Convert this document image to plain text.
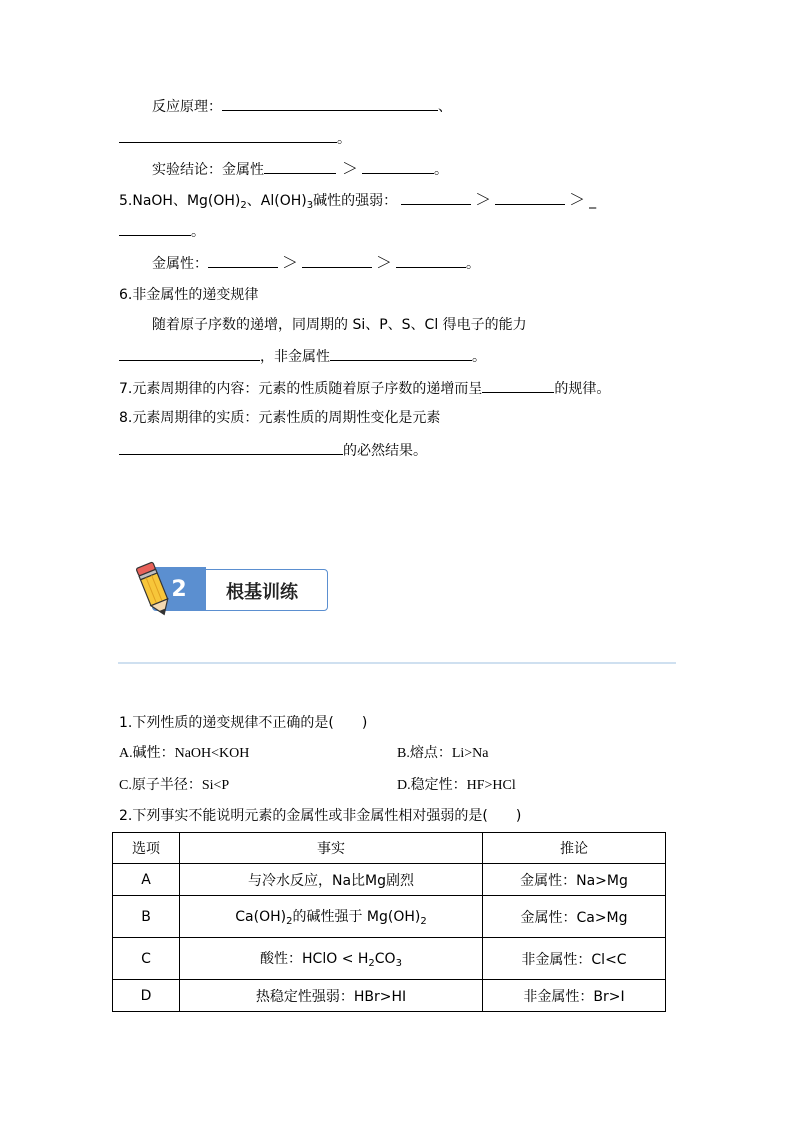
反应原理：	、
。
实验结论：金属性	＞	。
5.NaOH、$Mg(OH)_2$、$Al(OH)_3$碱性的强弱：	＞	＞ _
。
金属性：	＞	＞	。
6.非金属性的递变规律
随着原子序数的递增，同周期的 Si、P、S、Cl 得电子的能力
，非金属性	。
7.元素周期律的内容：元素的性质随着原子序数的递增而呈	的规律。
8.元素周期律的实质：元素性质的周期性变化是元素
的必然结果。
2	根基训练
1.下列性质的递变规律不正确的是(　　)
A.碱性：NaOH<KOH	B.熔点：Li>Na
C.原子半径：Si<P	D.稳定性：HF>HCl
2.下列事实不能说明元素的金属性或非金属性相对强弱的是(　　)
选项	事实	推论
A	与冷水反应，Na比Mg剧烈	金属性：Na>Mg
B	$Ca(OH)_2$的碱性强于 $Mg(OH)_2$	金属性：Ca>Mg
C	酸性：HClO < $H_2CO_3$	非金属性：Cl<C
D	热稳定性强弱：HBr>HI	非金属性：Br>I
